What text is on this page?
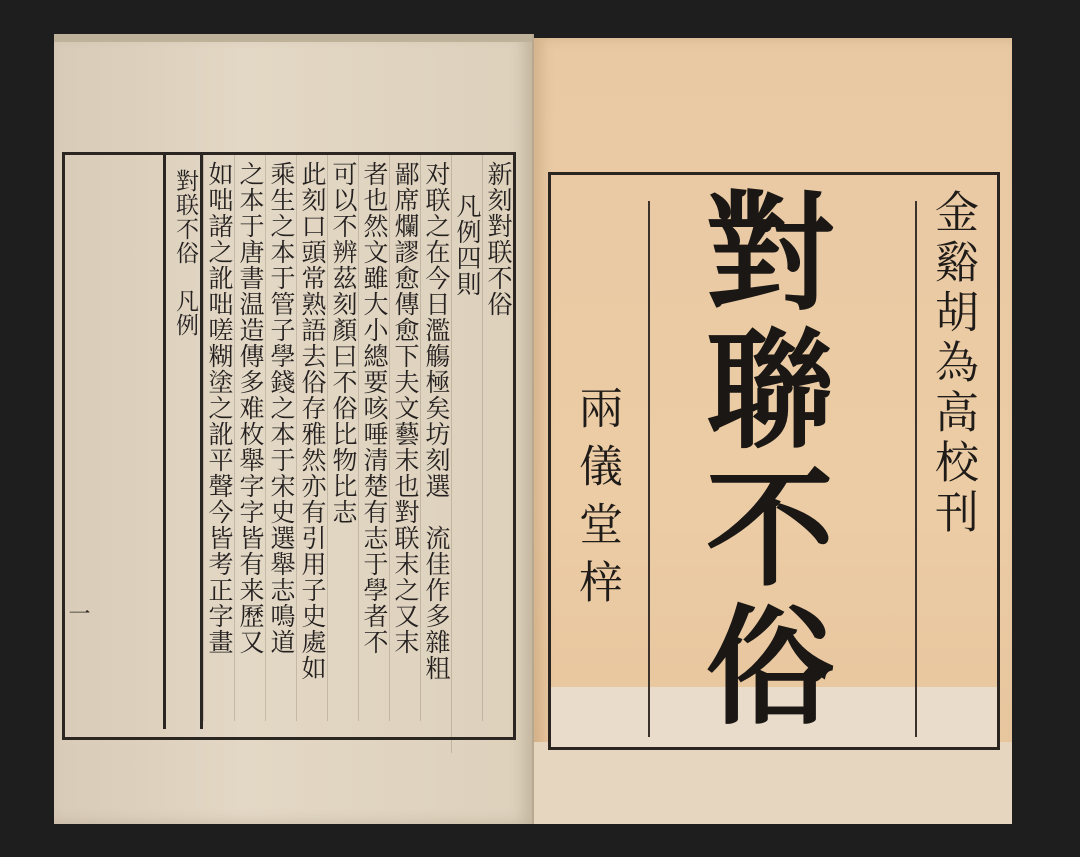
新刻對联不俗
凡例四則
对联之在今日濫觴極矣坊刻選　流佳作多雜粗
鄙席爛謬愈傳愈下夫文藝末也對联末之又末
者也然文雖大小總要咳唾清楚有志于學者不
可以不辨茲刻顏曰不俗比物比志
此刻口頭常熟語去俗存雅然亦有引用子史處如
乘生之本于管子學錢之本于宋史選舉志鳴道
之本于唐書温造傳多难枚舉字字皆有来歷又
如咄諸之訛咄嗟糊塗之訛平聲今皆考正字畫
對联不俗　凡例
一
金谿胡為高校刊
對聯不俗
兩儀堂梓
